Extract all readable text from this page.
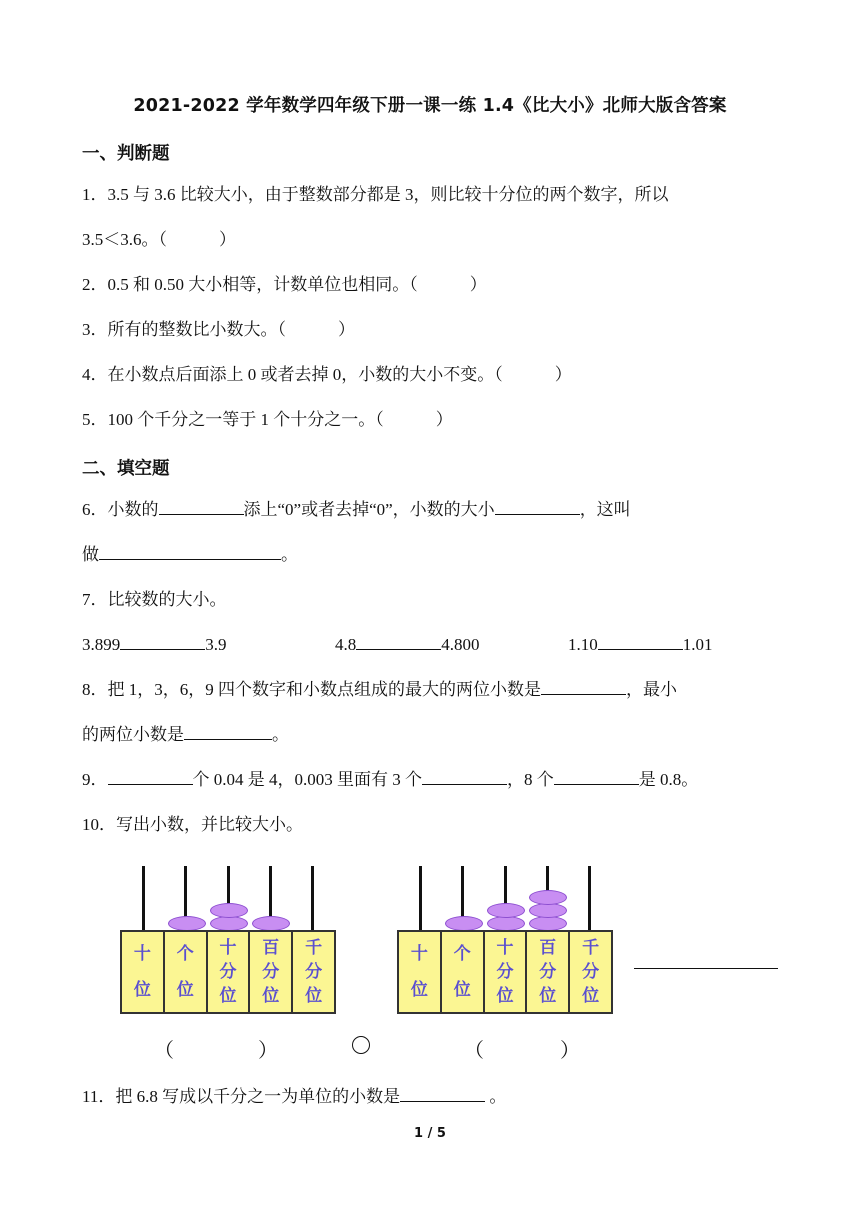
2021-2022 学年数学四年级下册一课一练 1.4《比大小》北师大版含答案
一、判断题
1．3.5 与 3.6 比较大小，由于整数部分都是 3，则比较十分位的两个数字，所以
3.5＜3.6。（	）
2．0.5 和 0.50 大小相等，计数单位也相同。（	）
3．所有的整数比小数大。（	）
4．在小数点后面添上 0 或者去掉 0，小数的大小不变。（	）
5．100 个千分之一等于 1 个十分之一。（	）
二、填空题
6．小数的	添上“0”或者去掉“0”，小数的大小	，这叫
做	。
7．比较数的大小。
3.899	3.9	4.8	4.800	1.10	1.01
8．把 1，3，6，9 四个数字和小数点组成的最大的两位小数是	，最小
的两位小数是	。
9．	个 0.04 是 4，0.003 里面有 3 个	，8 个	是 0.8。
10．写出小数，并比较大小。
十
位
个
位
十
分
位
百
分
位
千
分
位
十
位
个
位
十
分
位
百
分
位
千
分
位
（	）	（	）
11．把 6.8 写成以千分之一为单位的小数是	。
1 / 5
